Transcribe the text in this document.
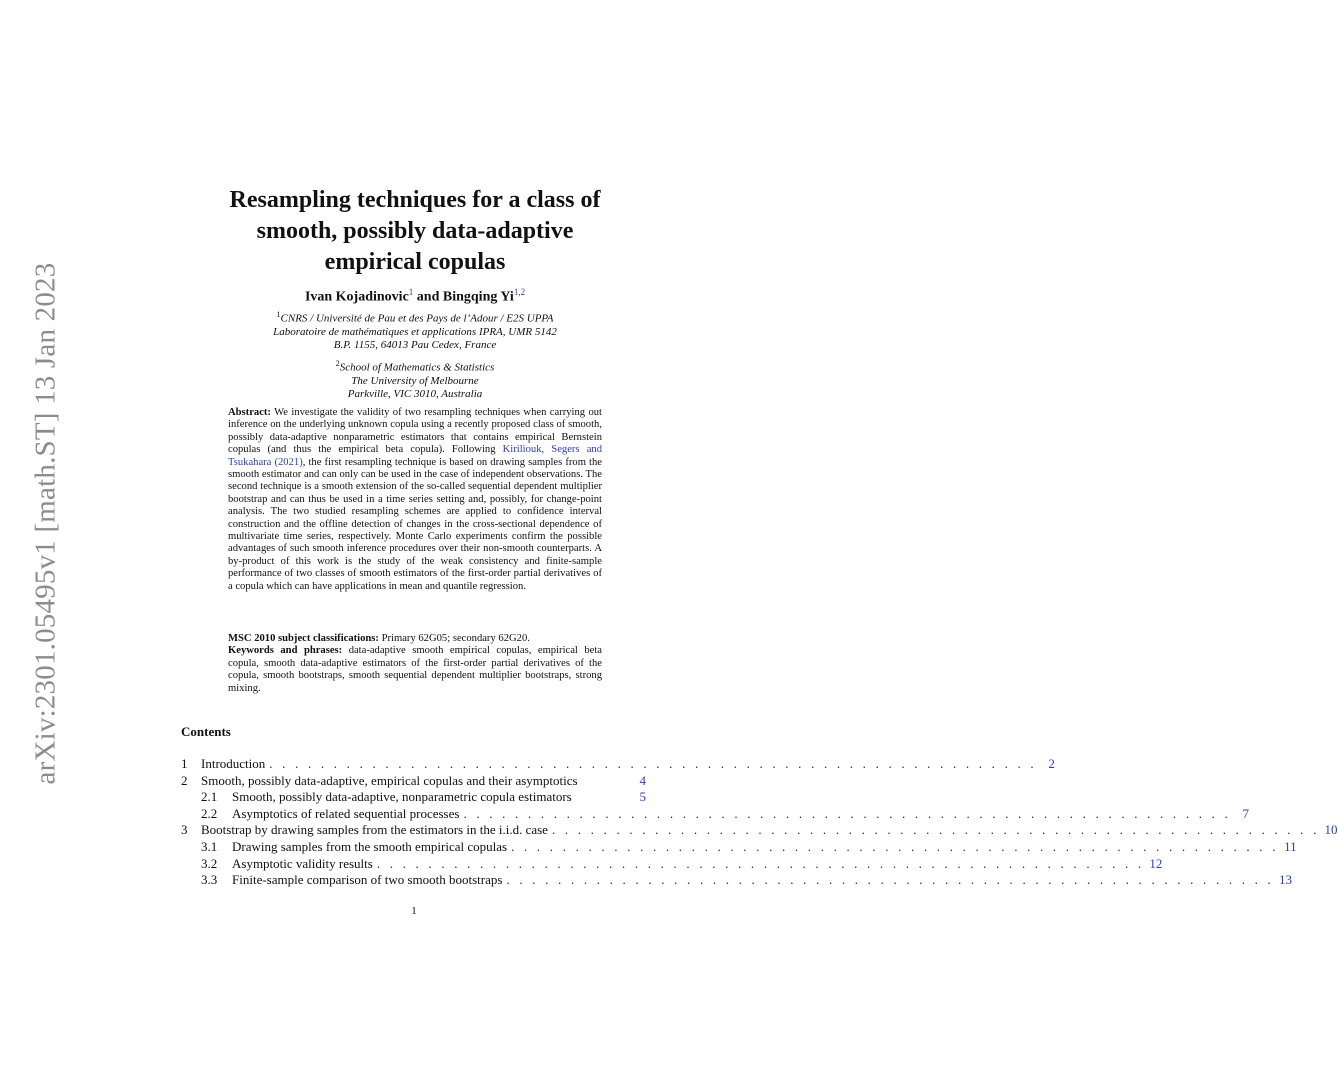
arXiv:2301.05495v1 [math.ST] 13 Jan 2023
Resampling techniques for a class of
smooth, possibly data-adaptive
empirical copulas
Ivan Kojadinovic$^1$ and Bingqing Yi$^{1,2}$
$^1$CNRS / Université de Pau et des Pays de l’Adour / E2S UPPA
Laboratoire de mathématiques et applications IPRA, UMR 5142
B.P. 1155, 64013 Pau Cedex, France
$^2$School of Mathematics & Statistics
The University of Melbourne
Parkville, VIC 3010, Australia
Abstract: We investigate the validity of two resampling techniques when carrying out inference on the underlying unknown copula using a recently proposed class of smooth, possibly data-adaptive nonparametric estimators that contains empirical Bernstein copulas (and thus the empirical beta copula). Following Kiriliouk, Segers and Tsukahara (2021), the first resampling technique is based on drawing samples from the smooth estimator and can only can be used in the case of independent observations. The second technique is a smooth extension of the so-called sequential dependent multiplier bootstrap and can thus be used in a time series setting and, possibly, for change-point analysis. The two studied resampling schemes are applied to confidence interval construction and the offline detection of changes in the cross-sectional dependence of multivariate time series, respectively. Monte Carlo experiments confirm the possible advantages of such smooth inference procedures over their non-smooth counterparts. A by-product of this work is the study of the weak consistency and finite-sample performance of two classes of smooth estimators of the first-order partial derivatives of a copula which can have applications in mean and quantile regression.
MSC 2010 subject classifications: Primary 62G05; secondary 62G20.
Keywords and phrases: data-adaptive smooth empirical copulas, empirical beta copula, smooth data-adaptive estimators of the first-order partial derivatives of the copula, smooth bootstraps, smooth sequential dependent multiplier bootstraps, strong mixing.
Contents
1	Introduction . . . . . . . . . . . . . . . . . . . . . . . . . . . . . . . . . . . . . . . . . . . . . . . . . . . . . . . . . . . . 2
2	Smooth, possibly data-adaptive, empirical copulas and their asymptotics	4
2.1	Smooth, possibly data-adaptive, nonparametric copula estimators	5
2.2	Asymptotics of related sequential processes . . . . . . . . . . . . . . . . . . . . . . . . . . . . . . . . . . . . . . . . . . . . . . . . . . . . . . . . . . . . 7
3	Bootstrap by drawing samples from the estimators in the i.i.d. case . . . . . . . . . . . . . . . . . . . . . . . . . . . . . . . . . . . . . . . . . . . . . . . . . . . . . . . . . . . . 10
3.1	Drawing samples from the smooth empirical copulas . . . . . . . . . . . . . . . . . . . . . . . . . . . . . . . . . . . . . . . . . . . . . . . . . . . . . . . . . . . . 11
3.2	Asymptotic validity results . . . . . . . . . . . . . . . . . . . . . . . . . . . . . . . . . . . . . . . . . . . . . . . . . . . . . . . . . . . . 12
3.3	Finite-sample comparison of two smooth bootstraps . . . . . . . . . . . . . . . . . . . . . . . . . . . . . . . . . . . . . . . . . . . . . . . . . . . . . . . . . . . . 13
1
